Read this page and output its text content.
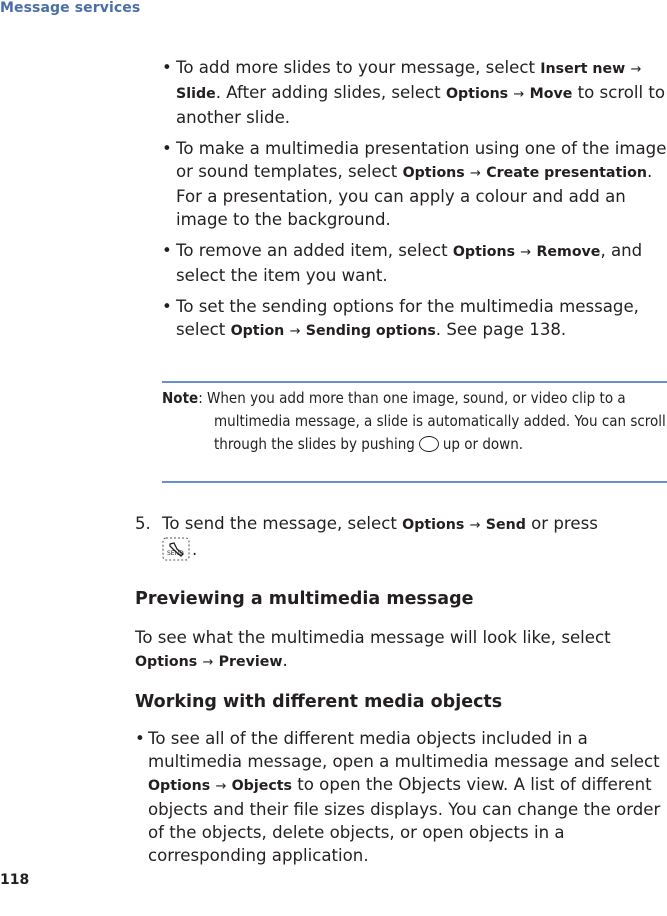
Message services
• To add more slides to your message, select Insert new → Slide. After adding slides, select Options → Move to scroll to another slide.
• To make a multimedia presentation using one of the image or sound templates, select Options → Create presentation. For a presentation, you can apply a colour and add an image to the background.
• To remove an added item, select Options → Remove, and select the item you want.
• To set the sending options for the multimedia message, select Option → Sending options. See page 138.
Note: When you add more than one image, sound, or video clip to a multimedia message, a slide is automatically added. You can scroll through the slides by pushing up or down.
5. To send the message, select Options → Send or press

SEND .
Previewing a multimedia message
To see what the multimedia message will look like, select Options → Preview.
Working with different media objects
• To see all of the different media objects included in a multimedia message, open a multimedia message and select Options → Objects to open the Objects view. A list of different objects and their file sizes displays. You can change the order of the objects, delete objects, or open objects in a corresponding application.
118
